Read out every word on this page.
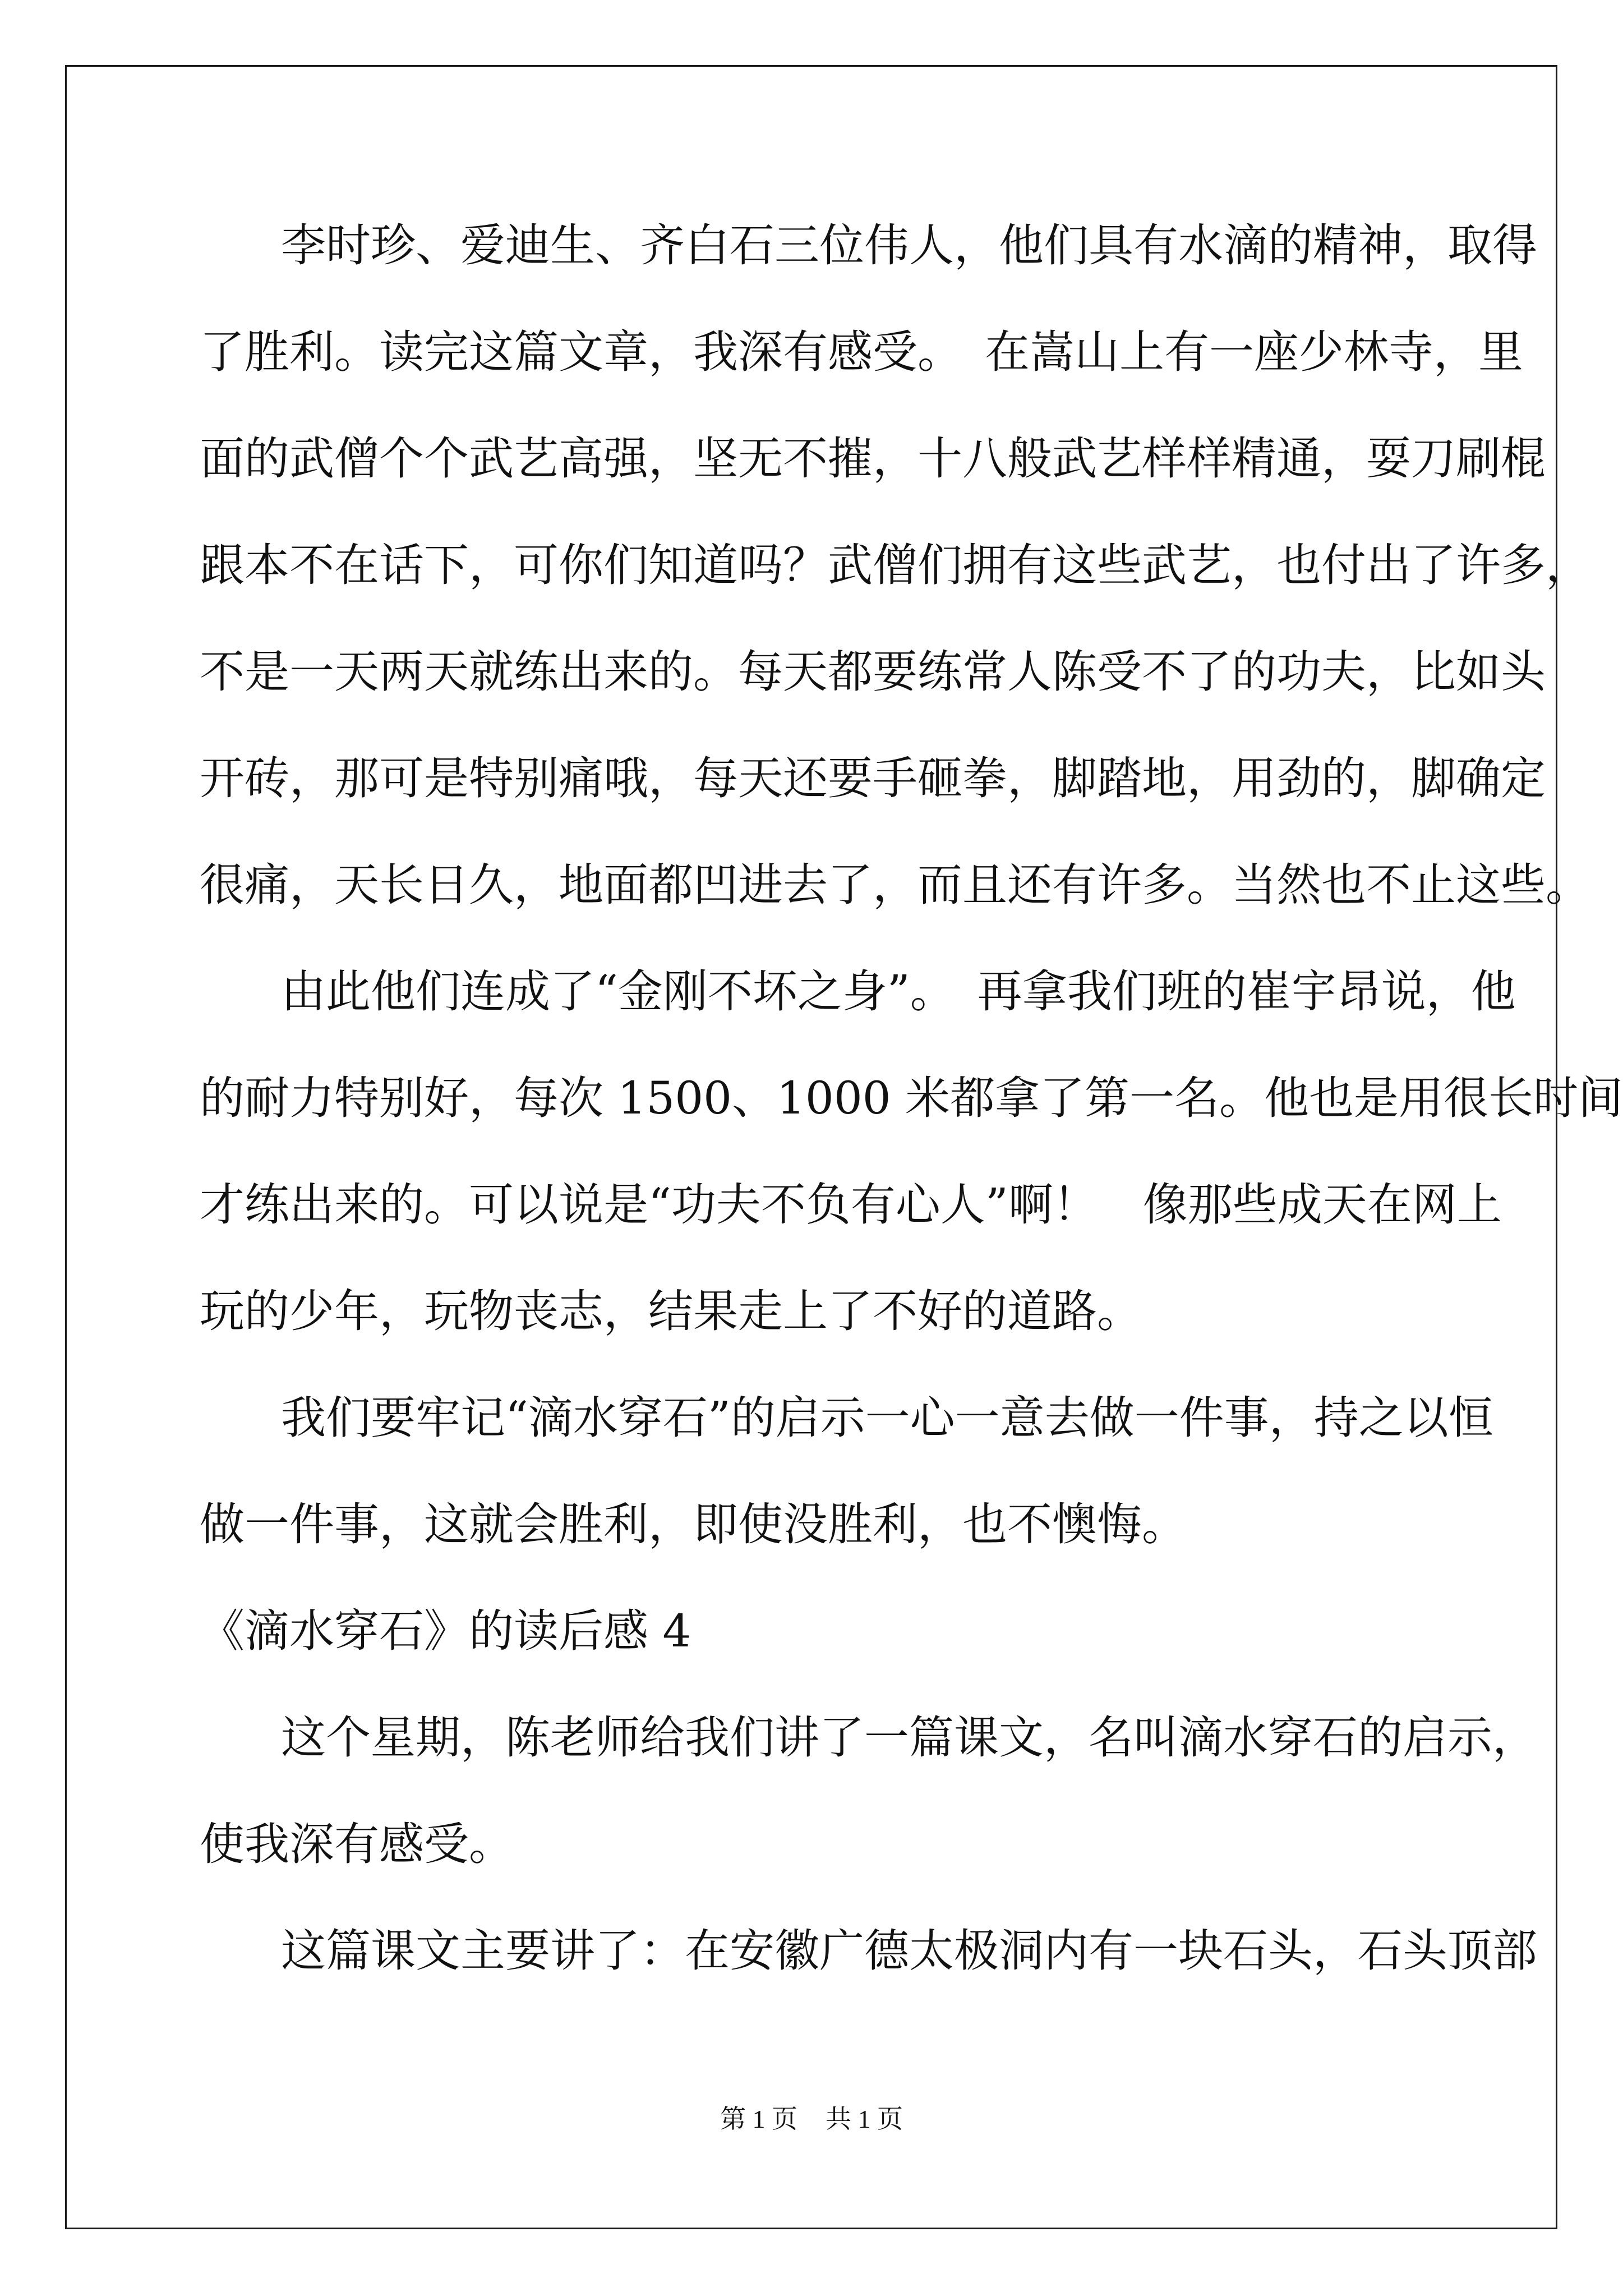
李时珍、爱迪生、齐白石三位伟人，他们具有水滴的精神，取得
了胜利。读完这篇文章，我深有感受。　在嵩山上有一座少林寺，里
面的武僧个个武艺高强，坚无不摧，十八般武艺样样精通，耍刀刷棍
跟本不在话下，可你们知道吗？武僧们拥有这些武艺，也付出了许多，
不是一天两天就练出来的。每天都要练常人陈受不了的功夫，比如头
开砖，那可是特别痛哦，每天还要手砸拳，脚踏地，用劲的，脚确定
很痛，天长日久，地面都凹进去了，而且还有许多。当然也不止这些。
由此他们连成了“金刚不坏之身”。　再拿我们班的崔宇昂说，他
的耐力特别好，每次 1500、1000 米都拿了第一名。他也是用很长时间
才练出来的。可以说是“功夫不负有心人”啊！　像那些成天在网上
玩的少年，玩物丧志，结果走上了不好的道路。
我们要牢记“滴水穿石”的启示一心一意去做一件事，持之以恒
做一件事，这就会胜利，即使没胜利，也不懊悔。
《滴水穿石》的读后感 4
这个星期，陈老师给我们讲了一篇课文，名叫滴水穿石的启示，
使我深有感受。
这篇课文主要讲了：在安徽广德太极洞内有一块石头，石头顶部
第 1 页 共 1 页
